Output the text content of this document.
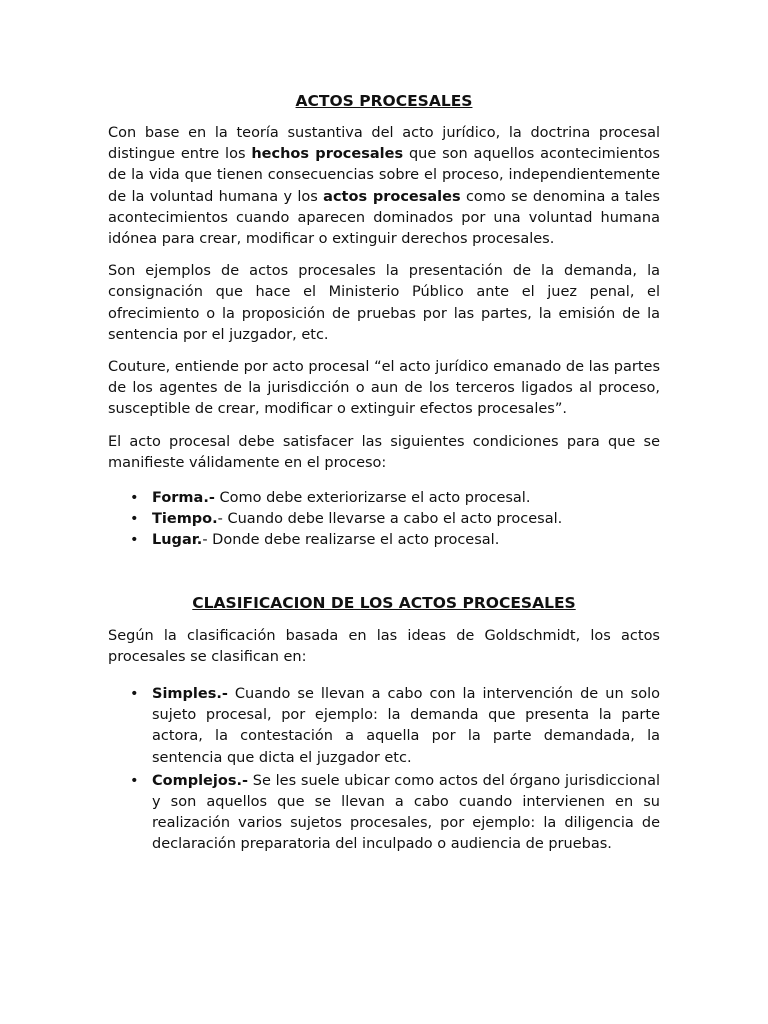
ACTOS PROCESALES

Con base en la teoría sustantiva del acto jurídico, la doctrina procesal distingue entre los hechos procesales que son aquellos acontecimientos de la vida que tienen consecuencias sobre el proceso, independientemente de la voluntad humana y los actos procesales como se denomina a tales acontecimientos cuando aparecen dominados por una voluntad humana idónea para crear, modificar o extinguir derechos procesales.

Son ejemplos de actos procesales la presentación de la demanda, la consignación que hace el Ministerio Público ante el juez penal, el ofrecimiento o la proposición de pruebas por las partes, la emisión de la sentencia por el juzgador, etc.

Couture, entiende por acto procesal “el acto jurídico emanado de las partes de los agentes de la jurisdicción o aun de los terceros ligados al proceso, susceptible de crear, modificar o extinguir efectos procesales”.

El acto procesal debe satisfacer las siguientes condiciones para que se manifieste válidamente en el proceso:

• Forma.- Como debe exteriorizarse el acto procesal.
• Tiempo.- Cuando debe llevarse a cabo el acto procesal.
• Lugar.- Donde debe realizarse el acto procesal.
CLASIFICACION DE LOS ACTOS PROCESALES

Según la clasificación basada en las ideas de Goldschmidt, los actos procesales se clasifican en:

• Simples.- Cuando se llevan a cabo con la intervención de un solo sujeto procesal, por ejemplo: la demanda que presenta la parte actora, la contestación a aquella por la parte demandada, la sentencia que dicta el juzgador etc.
• Complejos.- Se les suele ubicar como actos del órgano jurisdiccional y son aquellos que se llevan a cabo cuando intervienen en su realización varios sujetos procesales, por ejemplo: la diligencia de declaración preparatoria del inculpado o audiencia de pruebas.
